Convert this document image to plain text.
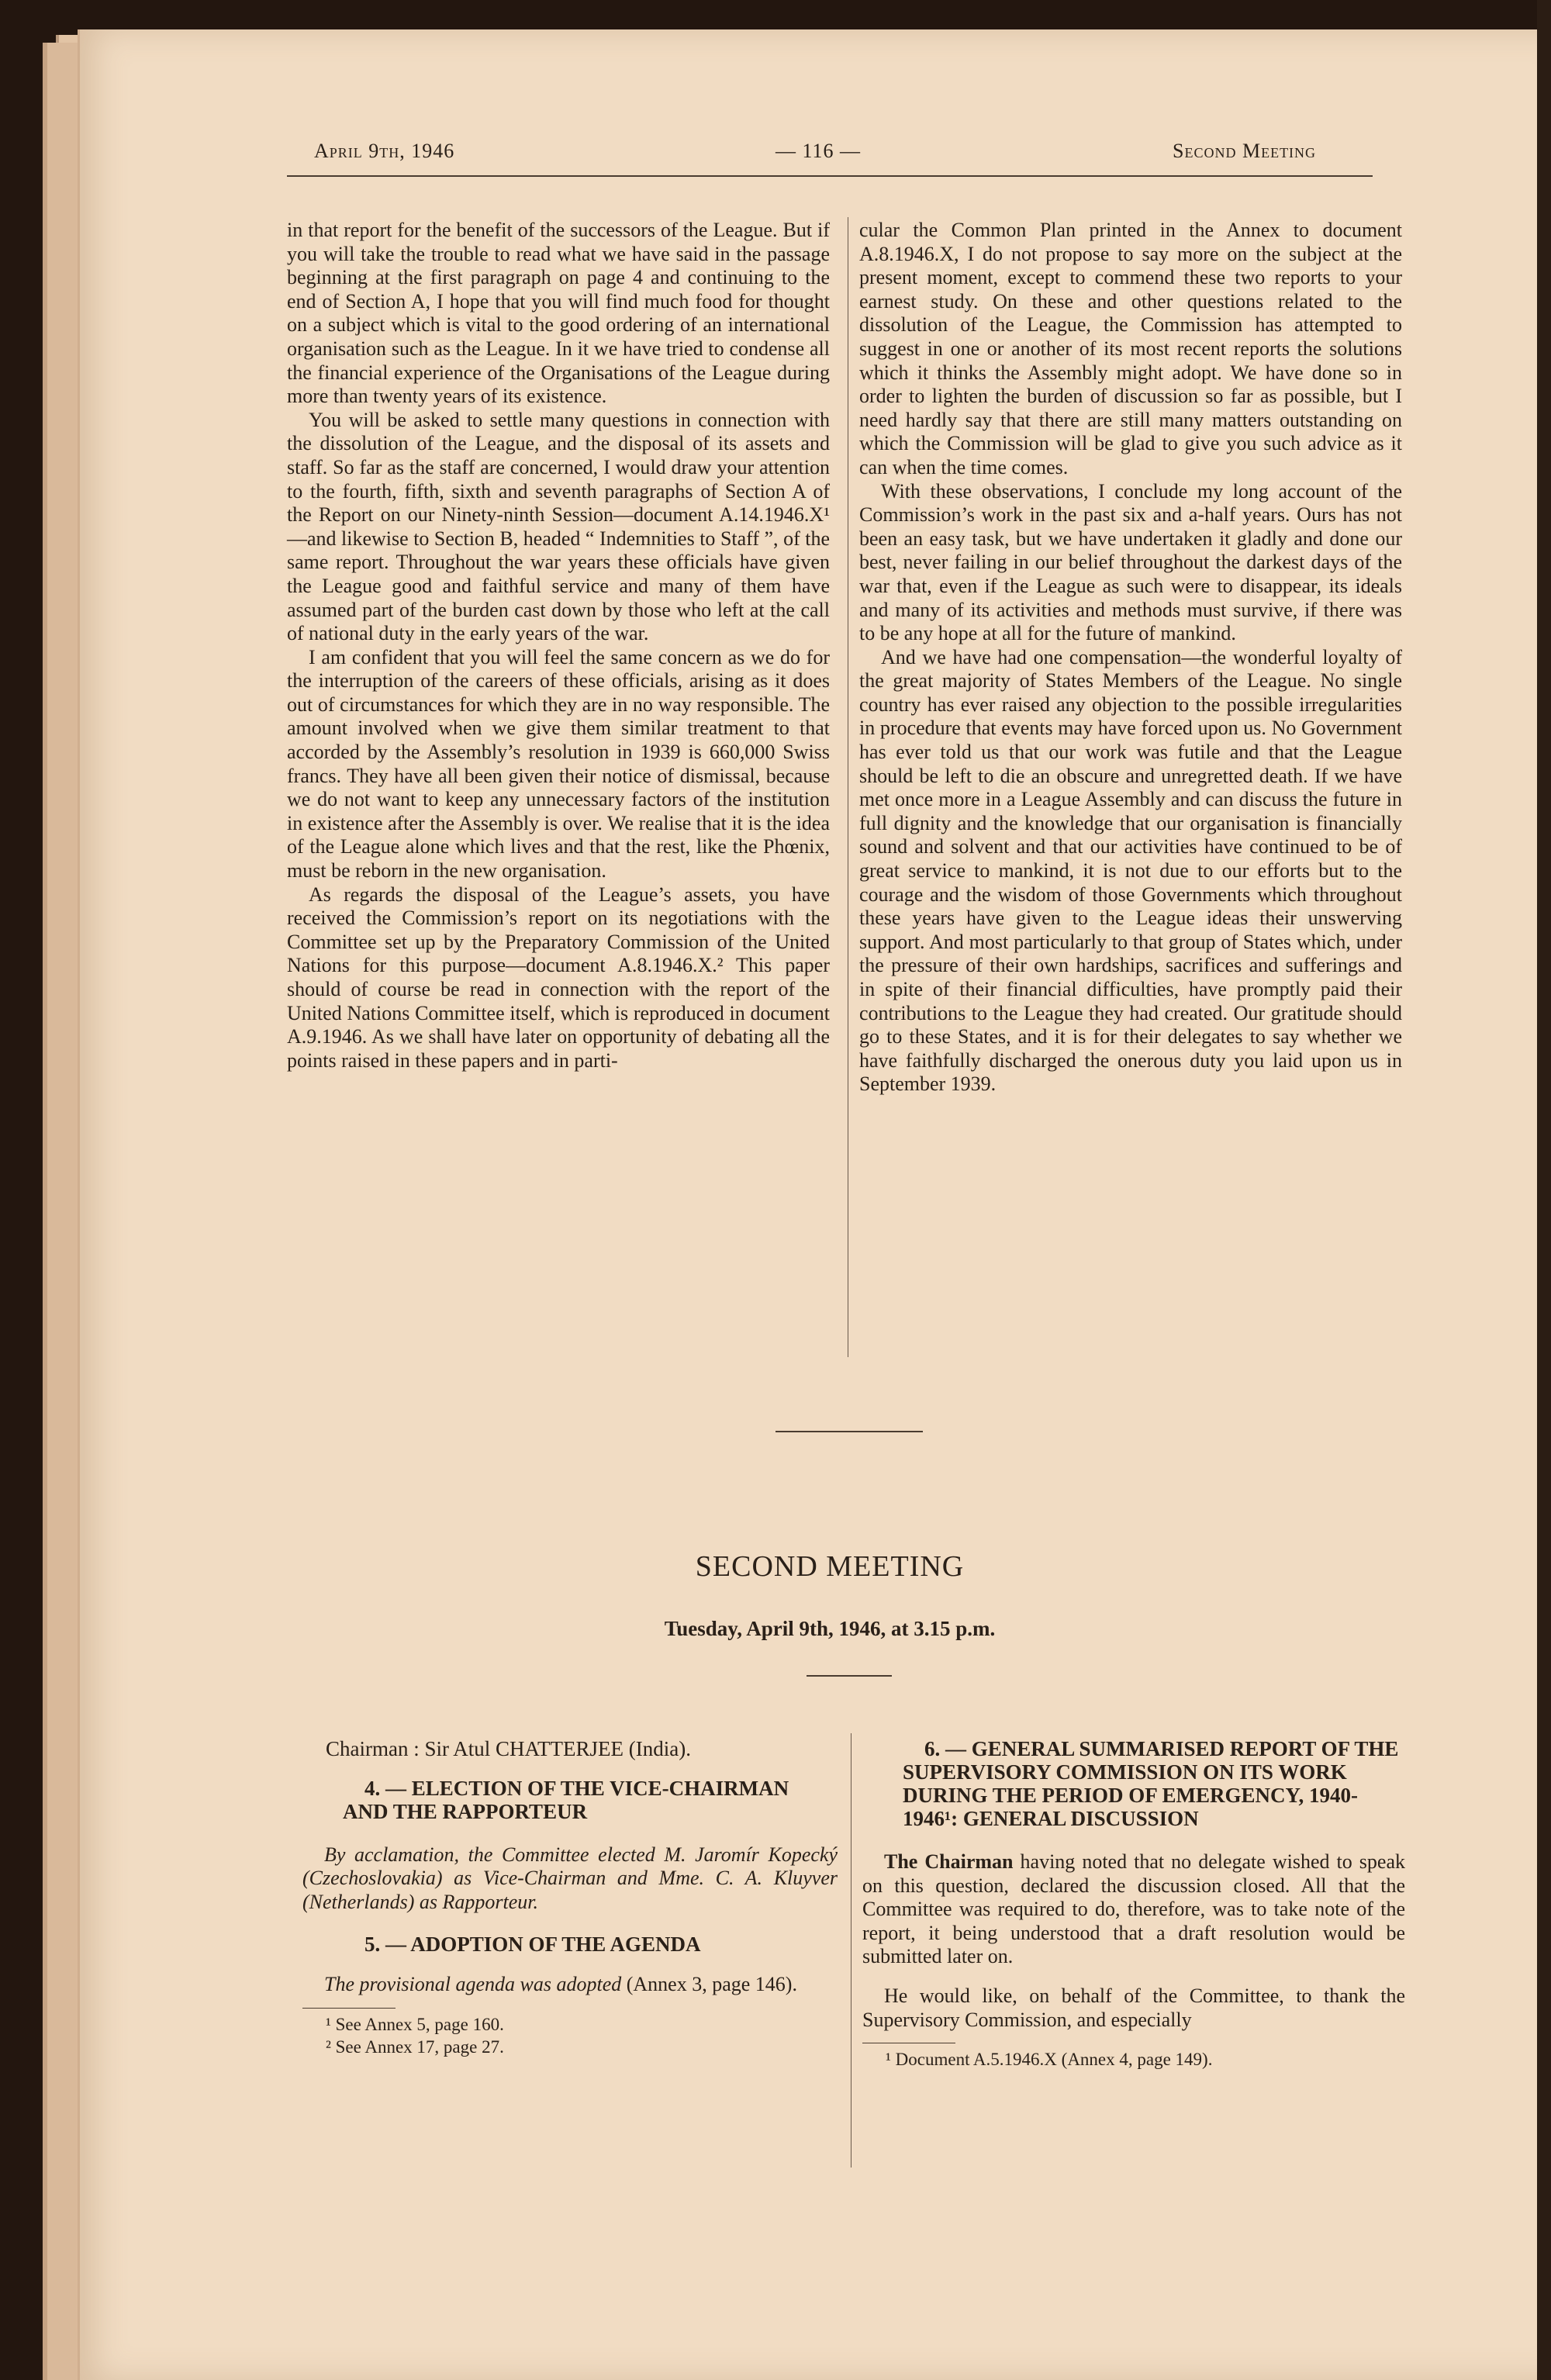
April 9th, 1946	— 116 —	Second Meeting

in that report for the benefit of the successors of the League. But if you will take the trouble to read what we have said in the passage beginning at the first paragraph on page 4 and continuing to the end of Section A, I hope that you will find much food for thought on a subject which is vital to the good ordering of an international organisation such as the League. In it we have tried to condense all the financial experience of the Organisations of the League during more than twenty years of its existence.

You will be asked to settle many questions in connection with the dissolution of the League, and the disposal of its assets and staff. So far as the staff are concerned, I would draw your attention to the fourth, fifth, sixth and seventh paragraphs of Section A of the Report on our Ninety-ninth Session—document A.14.1946.X¹—and likewise to Section B, headed “ Indemnities to Staff ”, of the same report. Throughout the war years these officials have given the League good and faithful service and many of them have assumed part of the burden cast down by those who left at the call of national duty in the early years of the war.

I am confident that you will feel the same concern as we do for the interruption of the careers of these officials, arising as it does out of circumstances for which they are in no way responsible. The amount involved when we give them similar treatment to that accorded by the Assembly’s resolution in 1939 is 660,000 Swiss francs. They have all been given their notice of dismissal, because we do not want to keep any unnecessary factors of the institution in existence after the Assembly is over. We realise that it is the idea of the League alone which lives and that the rest, like the Phœnix, must be reborn in the new organisation.

As regards the disposal of the League’s assets, you have received the Commission’s report on its negotiations with the Committee set up by the Preparatory Commission of the United Nations for this purpose—document A.8.1946.X.² This paper should of course be read in connection with the report of the United Nations Committee itself, which is reproduced in document A.9.1946. As we shall have later on opportunity of debating all the points raised in these papers and in parti-

cular the Common Plan printed in the Annex to document A.8.1946.X, I do not propose to say more on the subject at the present moment, except to commend these two reports to your earnest study. On these and other questions related to the dissolution of the League, the Commission has attempted to suggest in one or another of its most recent reports the solutions which it thinks the Assembly might adopt. We have done so in order to lighten the burden of discussion so far as possible, but I need hardly say that there are still many matters outstanding on which the Commission will be glad to give you such advice as it can when the time comes.

With these observations, I conclude my long account of the Commission’s work in the past six and a-half years. Ours has not been an easy task, but we have undertaken it gladly and done our best, never failing in our belief throughout the darkest days of the war that, even if the League as such were to disappear, its ideals and many of its activities and methods must survive, if there was to be any hope at all for the future of mankind.

And we have had one compensation—the wonderful loyalty of the great majority of States Members of the League. No single country has ever raised any objection to the possible irregularities in procedure that events may have forced upon us. No Government has ever told us that our work was futile and that the League should be left to die an obscure and unregretted death. If we have met once more in a League Assembly and can discuss the future in full dignity and the knowledge that our organisation is financially sound and solvent and that our activities have continued to be of great service to mankind, it is not due to our efforts but to the courage and the wisdom of those Governments which throughout these years have given to the League ideas their unswerving support. And most particularly to that group of States which, under the pressure of their own hardships, sacrifices and sufferings and in spite of their financial difficulties, have promptly paid their contributions to the League they had created. Our gratitude should go to these States, and it is for their delegates to say whether we have faithfully discharged the onerous duty you laid upon us in September 1939.

SECOND MEETING
Tuesday, April 9th, 1946, at 3.15 p.m.

Chairman : Sir Atul CHATTERJEE (India).

4. — ELECTION OF THE VICE-CHAIRMAN AND THE RAPPORTEUR

By acclamation, the Committee elected M. Jaromír Kopecký (Czechoslovakia) as Vice-Chairman and Mme. C. A. Kluyver (Netherlands) as Rapporteur.

5. — ADOPTION OF THE AGENDA

The provisional agenda was adopted (Annex 3, page 146).

¹ See Annex 5, page 160.

² See Annex 17, page 27.

6. — GENERAL SUMMARISED REPORT OF THE SUPERVISORY COMMISSION ON ITS WORK DURING THE PERIOD OF EMERGENCY, 1940-1946¹: GENERAL DISCUSSION

The Chairman having noted that no delegate wished to speak on this question, declared the discussion closed. All that the Committee was required to do, therefore, was to take note of the report, it being understood that a draft resolution would be submitted later on.

He would like, on behalf of the Committee, to thank the Supervisory Commission, and especially

¹ Document A.5.1946.X (Annex 4, page 149).
